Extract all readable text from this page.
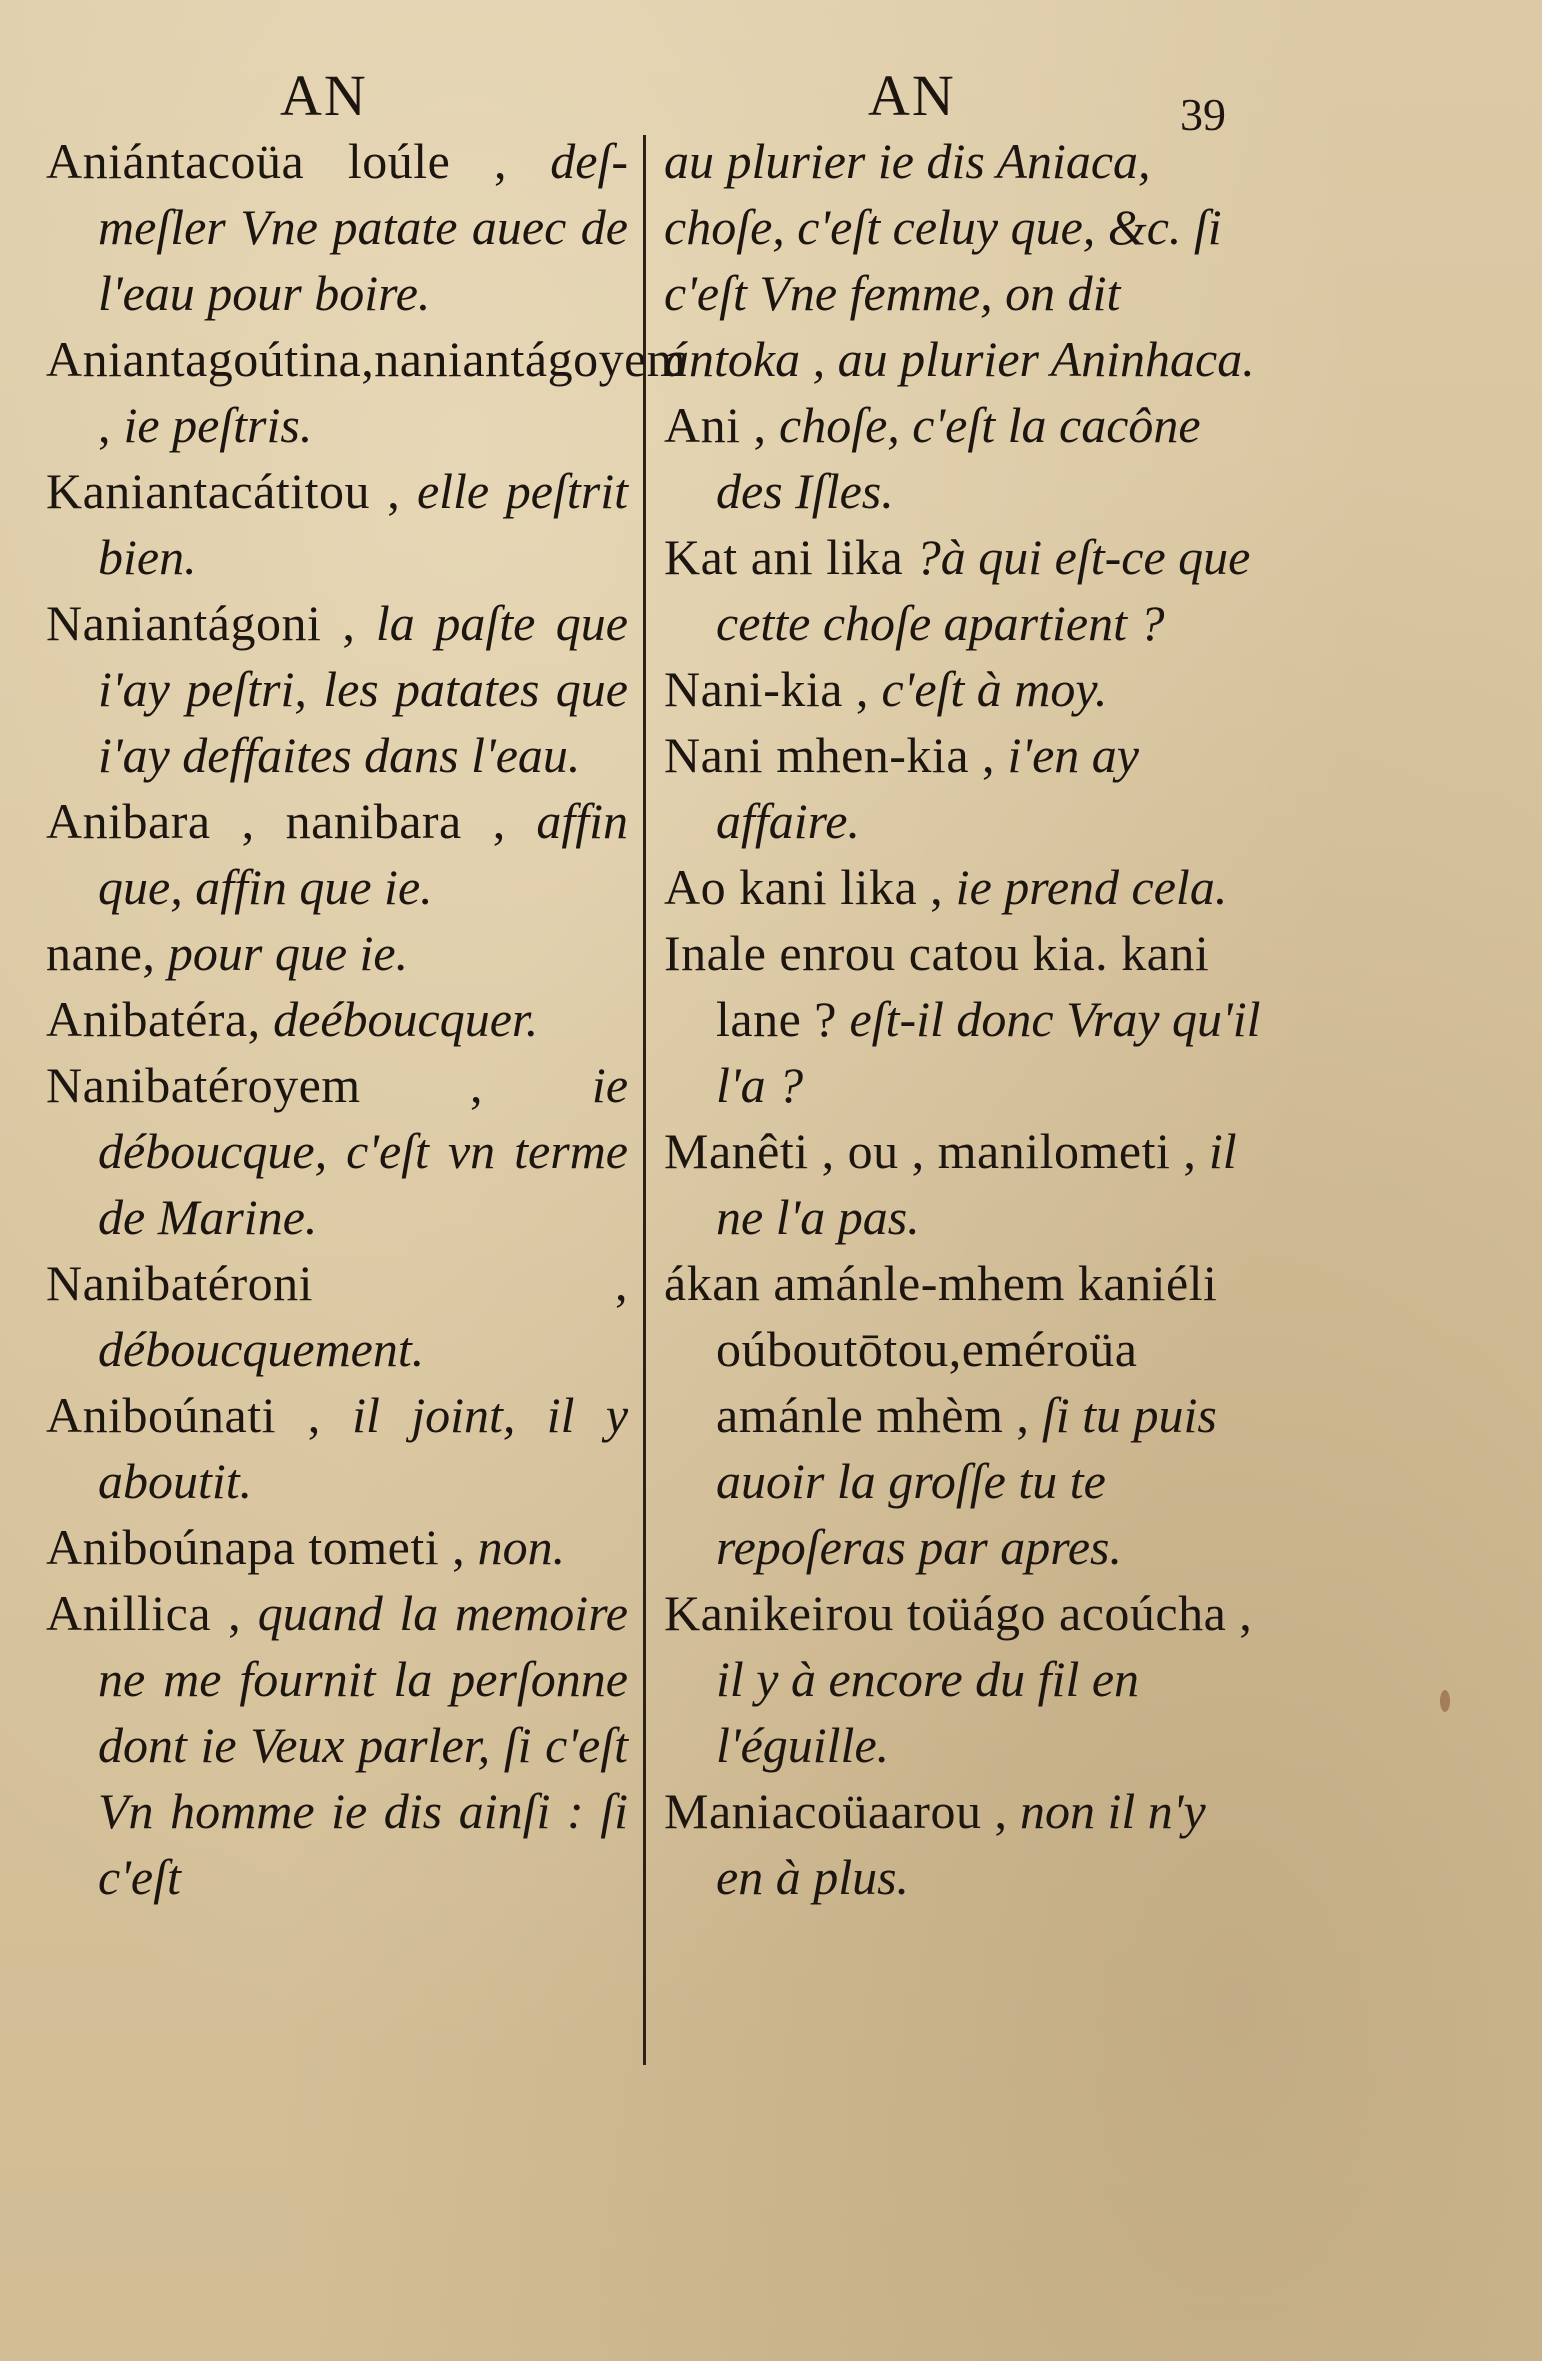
AN	AN	39

Aniántacoüa loúle , deſ-meſler Vne patate auec de l'eau pour boire.

Aniantagoútina,naniantágoyem , ie peſtris.

Kaniantacátitou , elle peſtrit bien.

Naniantágoni , la paſte que i'ay peſtri, les patates que i'ay deffaites dans l'eau.

Anibara , nanibara , affin que, affin que ie.

nane, pour que ie.

Anibatéra, deéboucquer.

Nanibatéroyem , ie déboucque, c'eſt vn terme de Marine.

Nanibatéroni , déboucquement.

Aniboúnati , il joint, il y aboutit.

Aniboúnapa tometi , non.

Anillica , quand la memoire ne me fournit la perſonne dont ie Veux parler, ſi c'eſt Vn homme ie dis ainſi : ſi c'eſt

au plurier ie dis Aniaca, choſe, c'eſt celuy que, &c. ſi c'eſt Vne femme, on dit ántoka , au plurier Aninhaca.

Ani , choſe, c'eſt la cacône des Iſles.

Kat ani lika ?à qui eſt-ce que cette choſe apartient ?

Nani-kia , c'eſt à moy.

Nani mhen-kia , i'en ay affaire.

Ao kani lika , ie prend cela.

Inale enrou catou kia. kani lane ? eſt-il donc Vray qu'il l'a ?

Manêti , ou , manilometi , il ne l'a pas.

ákan amánle-mhem kaniéli oúboutōtou,eméroüa amánle mhèm , ſi tu puis auoir la groſſe tu te repoſeras par apres.

Kanikeirou toüágo acoúcha , il y à encore du fil en l'éguille.

Maniacoüaarou , non il n'y en à plus.
